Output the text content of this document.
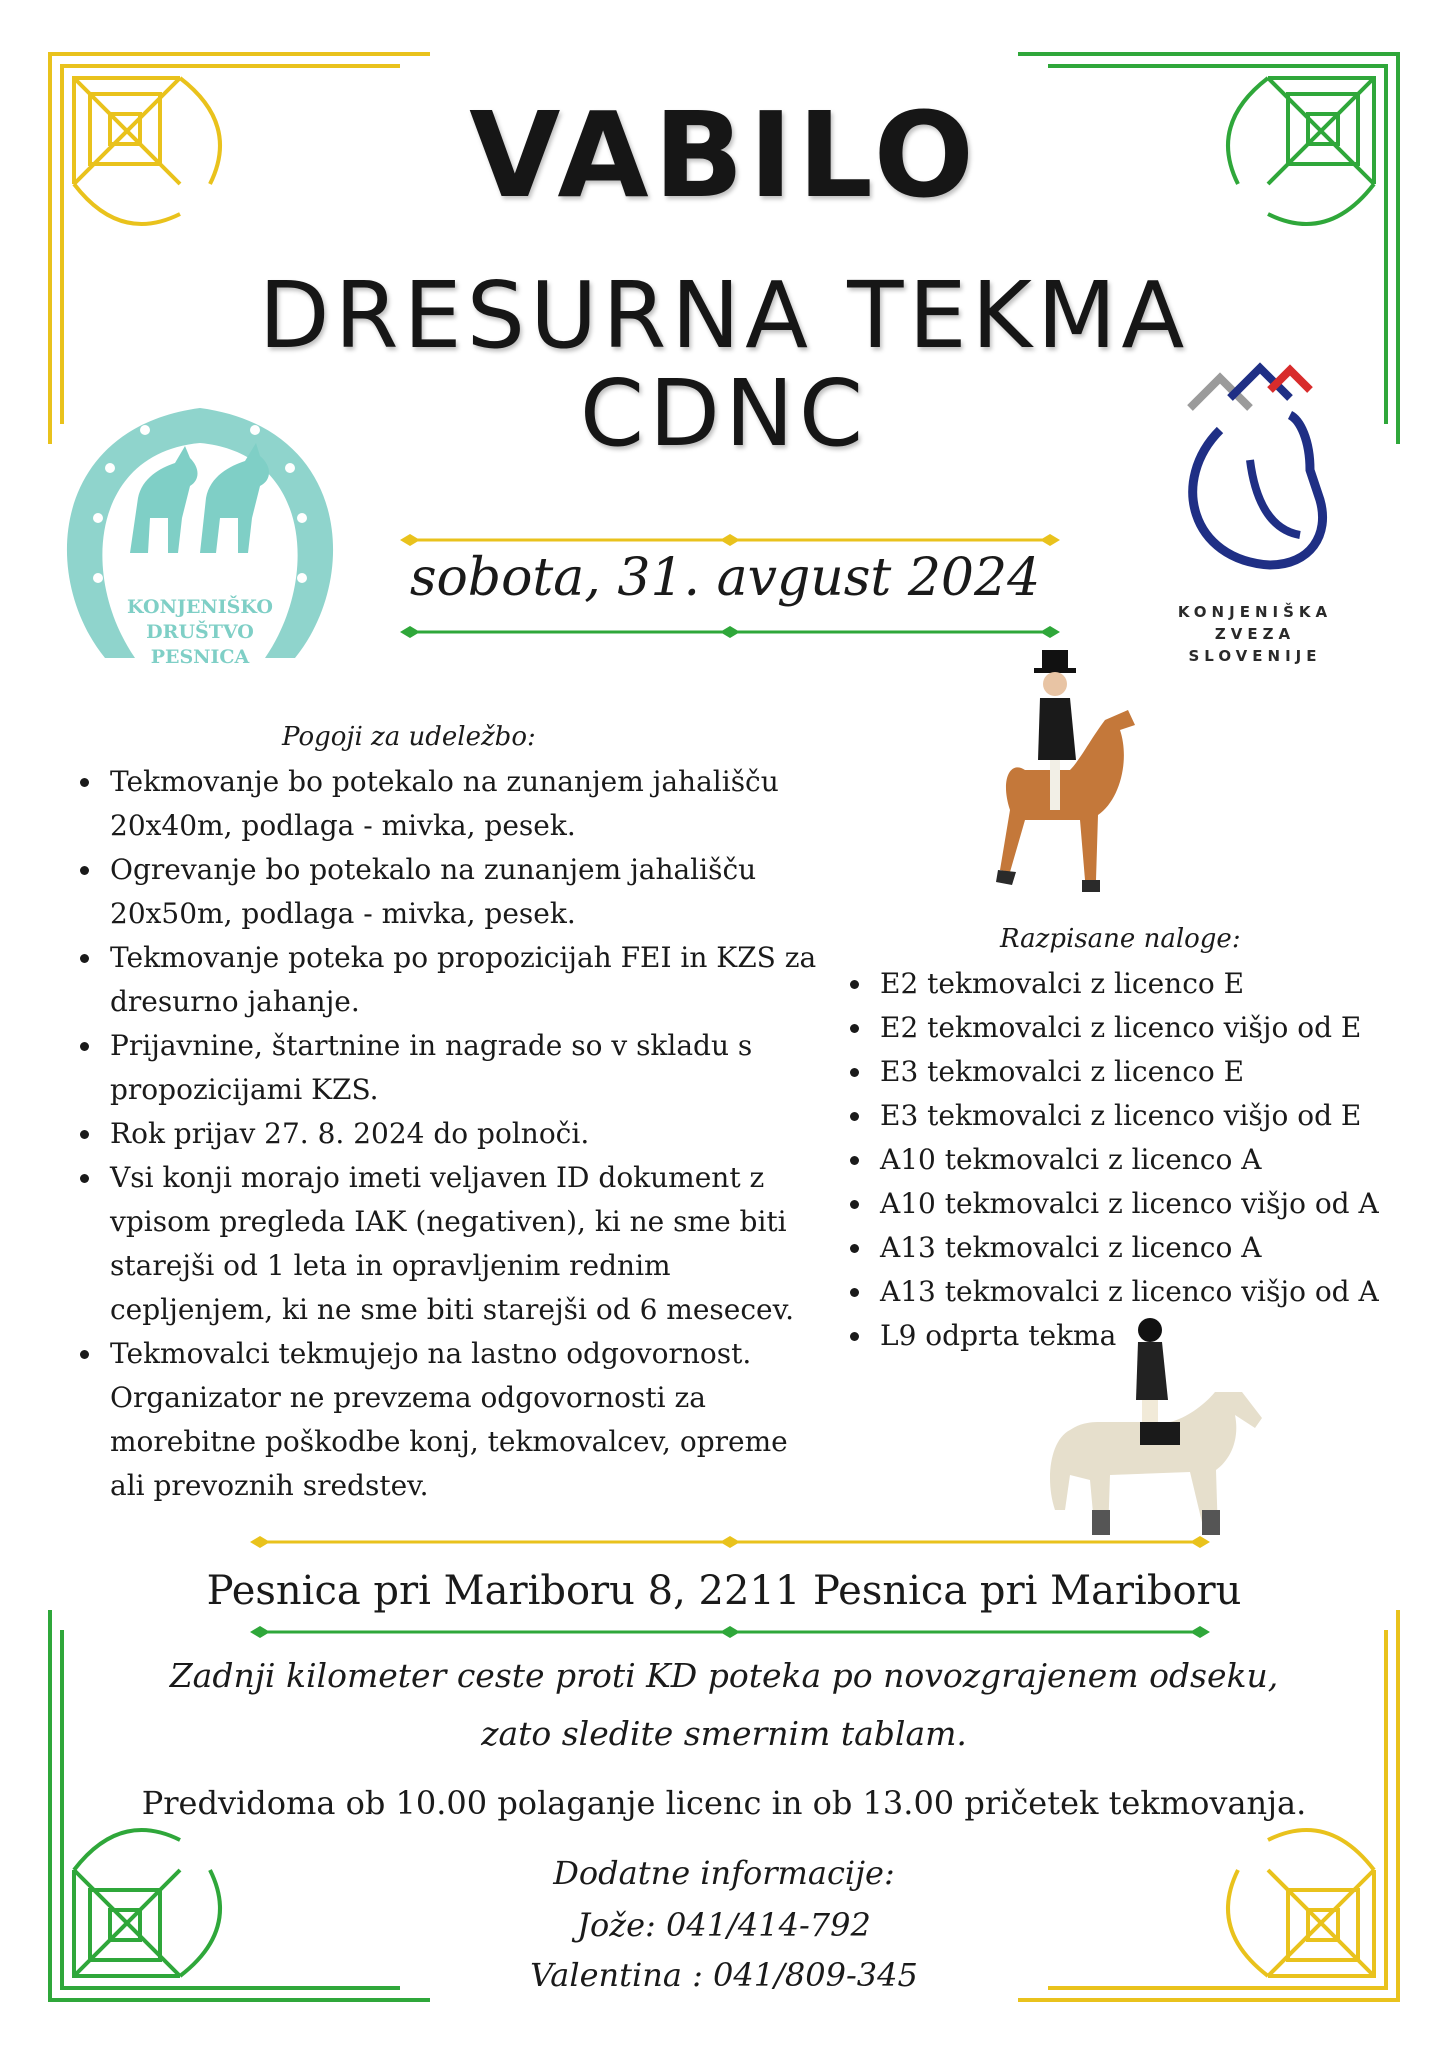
VABILO
DRESURNA TEKMA
CDNC
KONJENIŠKO
DRUŠTVO
PESNICA
KONJENIŠKA
ZVEZA
SLOVENIJE
sobota, 31. avgust 2024
Pogoji za udeležbo:
• Tekmovanje bo potekalo na zunanjem jahališču 20x40m, podlaga - mivka, pesek.
• Ogrevanje bo potekalo na zunanjem jahališču 20x50m, podlaga - mivka, pesek.
• Tekmovanje poteka po propozicijah FEI in KZS za dresurno jahanje.
• Prijavnine, štartnine in nagrade so v skladu s propozicijami KZS.
• Rok prijav 27. 8. 2024 do polnoči.
• Vsi konji morajo imeti veljaven ID dokument z vpisom pregleda IAK (negativen), ki ne sme biti starejši od 1 leta in opravljenim rednim cepljenjem, ki ne sme biti starejši od 6 mesecev.
• Tekmovalci tekmujejo na lastno odgovornost. Organizator ne prevzema odgovornosti za morebitne poškodbe konj, tekmovalcev, opreme ali prevoznih sredstev.
Razpisane naloge:
• E2 tekmovalci z licenco E
• E2 tekmovalci z licenco višjo od E
• E3 tekmovalci z licenco E
• E3 tekmovalci z licenco višjo od E
• A10 tekmovalci z licenco A
• A10 tekmovalci z licenco višjo od A
• A13 tekmovalci z licenco A
• A13 tekmovalci z licenco višjo od A
• L9 odprta tekma
Pesnica pri Mariboru 8, 2211 Pesnica pri Mariboru
Zadnji kilometer ceste proti KD poteka po novozgrajenem odseku,
zato sledite smernim tablam.
Predvidoma ob 10.00 polaganje licenc in ob 13.00 pričetek tekmovanja.
Dodatne informacije:
Jože: 041/414-792
Valentina : 041/809-345
